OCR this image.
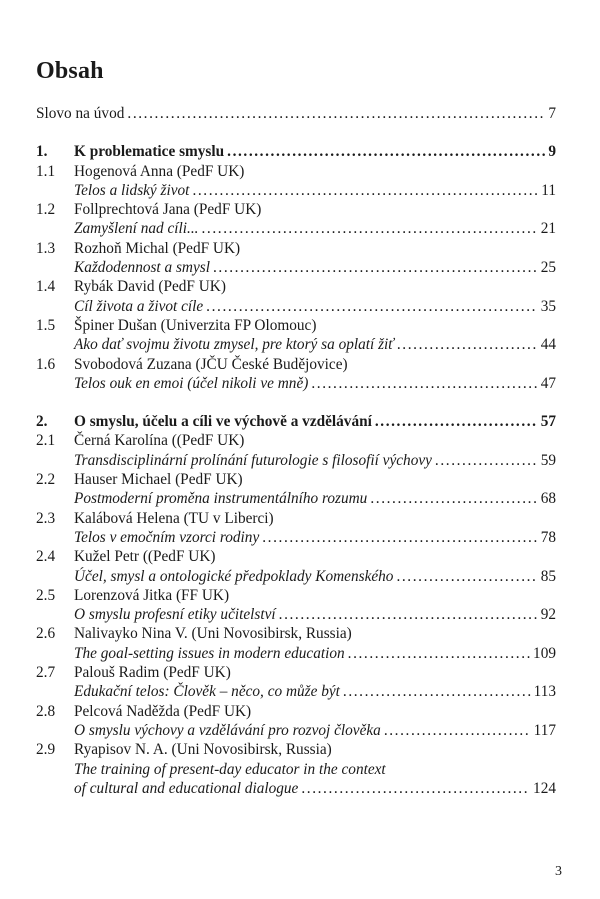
Obsah
Slovo na úvod .....	7
1.	K problematice smyslu .....	9
1.1	Hogenová Anna (PedF UK)
Telos a lidský život .....	11
1.2	Follprechtová Jana (PedF UK)
Zamyšlení nad cíli... .....	21
1.3	Rozhoň Michal (PedF UK)
Každodennost a smysl .....	25
1.4	Rybák David (PedF UK)
Cíl života a život cíle .....	35
1.5	Špiner Dušan (Univerzita FP Olomouc)
Ako dať svojmu životu zmysel, pre ktorý sa oplatí žiť .....	44
1.6	Svobodová Zuzana (JČU České Budějovice)
Telos ouk en emoi (účel nikoli ve mně) .....	47
2.	O smyslu, účelu a cíli ve výchově a vzdělávání .....	57
2.1	Černá Karolína ((PedF UK)
Transdisciplinární prolínání futurologie s filosofií výchovy .....	59
2.2	Hauser Michael (PedF UK)
Postmoderní proměna instrumentálního rozumu .....	68
2.3	Kalábová Helena (TU v Liberci)
Telos v emočním vzorci rodiny .....	78
2.4	Kužel Petr ((PedF UK)
Účel, smysl a ontologické předpoklady Komenského .....	85
2.5	Lorenzová Jitka (FF UK)
O smyslu profesní etiky učitelství .....	92
2.6	Nalivayko Nina V. (Uni Novosibirsk, Russia)
The goal-setting issues in modern education .....	109
2.7	Palouš Radim (PedF UK)
Edukační telos: Člověk – něco, co může být .....	113
2.8	Pelcová Naděžda (PedF UK)
O smyslu výchovy a vzdělávání pro rozvoj člověka .....	117
2.9	Ryapisov N. A. (Uni Novosibirsk, Russia)
The training of present-day educator in the context
of cultural and educational dialogue .....	124
3
